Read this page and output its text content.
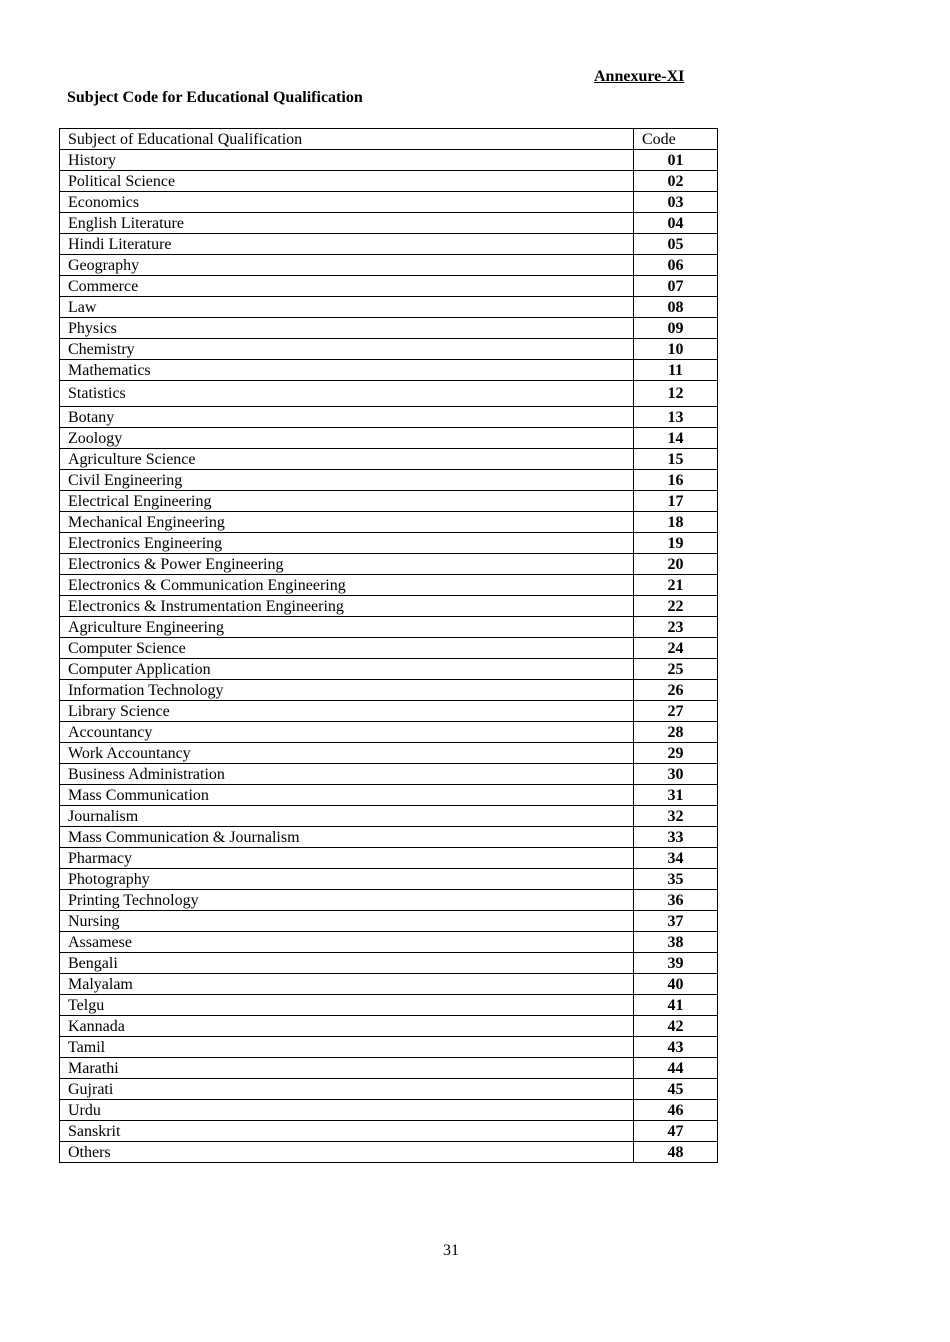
Annexure-XI
Subject Code for Educational Qualification
Subject of Educational Qualification	Code
History	01
Political Science	02
Economics	03
English Literature	04
Hindi Literature	05
Geography	06
Commerce	07
Law	08
Physics	09
Chemistry	10
Mathematics	11
Statistics	12
Botany	13
Zoology	14
Agriculture Science	15
Civil Engineering	16
Electrical Engineering	17
Mechanical Engineering	18
Electronics Engineering	19
Electronics & Power Engineering	20
Electronics & Communication Engineering	21
Electronics & Instrumentation Engineering	22
Agriculture Engineering	23
Computer Science	24
Computer Application	25
Information Technology	26
Library Science	27
Accountancy	28
Work Accountancy	29
Business Administration	30
Mass Communication	31
Journalism	32
Mass Communication & Journalism	33
Pharmacy	34
Photography	35
Printing Technology	36
Nursing	37
Assamese	38
Bengali	39
Malyalam	40
Telgu	41
Kannada	42
Tamil	43
Marathi	44
Gujrati	45
Urdu	46
Sanskrit	47
Others	48
31
